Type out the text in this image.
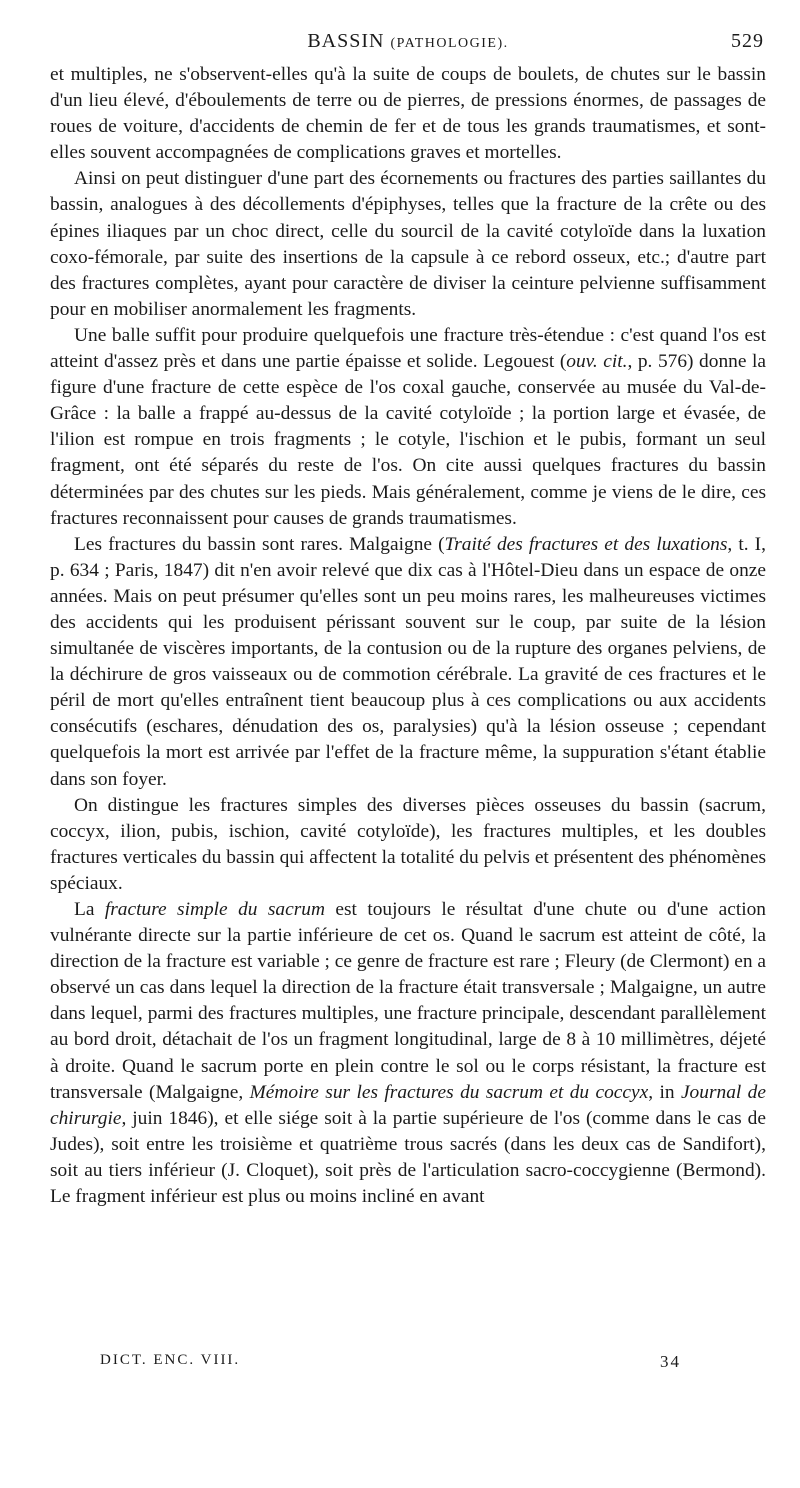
BASSIN (PATHOLOGIE).	529

et multiples, ne s'observent-elles qu'à la suite de coups de boulets, de chutes sur le bassin d'un lieu élevé, d'éboulements de terre ou de pierres, de pressions énormes, de passages de roues de voiture, d'accidents de chemin de fer et de tous les grands traumatismes, et sont-elles souvent accompagnées de complications graves et mortelles.

Ainsi on peut distinguer d'une part des écornements ou fractures des parties saillantes du bassin, analogues à des décollements d'épiphyses, telles que la fracture de la crête ou des épines iliaques par un choc direct, celle du sourcil de la cavité cotyloïde dans la luxation coxo-fémorale, par suite des insertions de la capsule à ce rebord osseux, etc.; d'autre part des fractures complètes, ayant pour caractère de diviser la ceinture pelvienne suffisamment pour en mobiliser anormalement les fragments.

Une balle suffit pour produire quelquefois une fracture très-étendue : c'est quand l'os est atteint d'assez près et dans une partie épaisse et solide. Legouest (ouv. cit., p. 576) donne la figure d'une fracture de cette espèce de l'os coxal gauche, conservée au musée du Val-de-Grâce : la balle a frappé au-dessus de la cavité cotyloïde ; la portion large et évasée, de l'ilion est rompue en trois fragments ; le cotyle, l'ischion et le pubis, formant un seul fragment, ont été séparés du reste de l'os. On cite aussi quelques fractures du bassin déterminées par des chutes sur les pieds. Mais généralement, comme je viens de le dire, ces fractures reconnaissent pour causes de grands traumatismes.

Les fractures du bassin sont rares. Malgaigne (Traité des fractures et des luxations, t. I, p. 634 ; Paris, 1847) dit n'en avoir relevé que dix cas à l'Hôtel-Dieu dans un espace de onze années. Mais on peut présumer qu'elles sont un peu moins rares, les malheureuses victimes des accidents qui les produisent périssant souvent sur le coup, par suite de la lésion simultanée de viscères importants, de la contusion ou de la rupture des organes pelviens, de la déchirure de gros vaisseaux ou de commotion cérébrale. La gravité de ces fractures et le péril de mort qu'elles entraînent tient beaucoup plus à ces complications ou aux accidents consécutifs (eschares, dénudation des os, paralysies) qu'à la lésion osseuse ; cependant quelquefois la mort est arrivée par l'effet de la fracture même, la suppuration s'étant établie dans son foyer.

On distingue les fractures simples des diverses pièces osseuses du bassin (sacrum, coccyx, ilion, pubis, ischion, cavité cotyloïde), les fractures multiples, et les doubles fractures verticales du bassin qui affectent la totalité du pelvis et présentent des phénomènes spéciaux.

La fracture simple du sacrum est toujours le résultat d'une chute ou d'une action vulnérante directe sur la partie inférieure de cet os. Quand le sacrum est atteint de côté, la direction de la fracture est variable ; ce genre de fracture est rare ; Fleury (de Clermont) en a observé un cas dans lequel la direction de la fracture était transversale ; Malgaigne, un autre dans lequel, parmi des fractures multiples, une fracture principale, descendant parallèlement au bord droit, détachait de l'os un fragment longitudinal, large de 8 à 10 millimètres, déjeté à droite. Quand le sacrum porte en plein contre le sol ou le corps résistant, la fracture est transversale (Malgaigne, Mémoire sur les fractures du sacrum et du coccyx, in Journal de chirurgie, juin 1846), et elle siége soit à la partie supérieure de l'os (comme dans le cas de Judes), soit entre les troisième et quatrième trous sacrés (dans les deux cas de Sandifort), soit au tiers inférieur (J. Cloquet), soit près de l'articulation sacro-coccygienne (Bermond). Le fragment inférieur est plus ou moins incliné en avant

DICT. ENC. VIII.	34
